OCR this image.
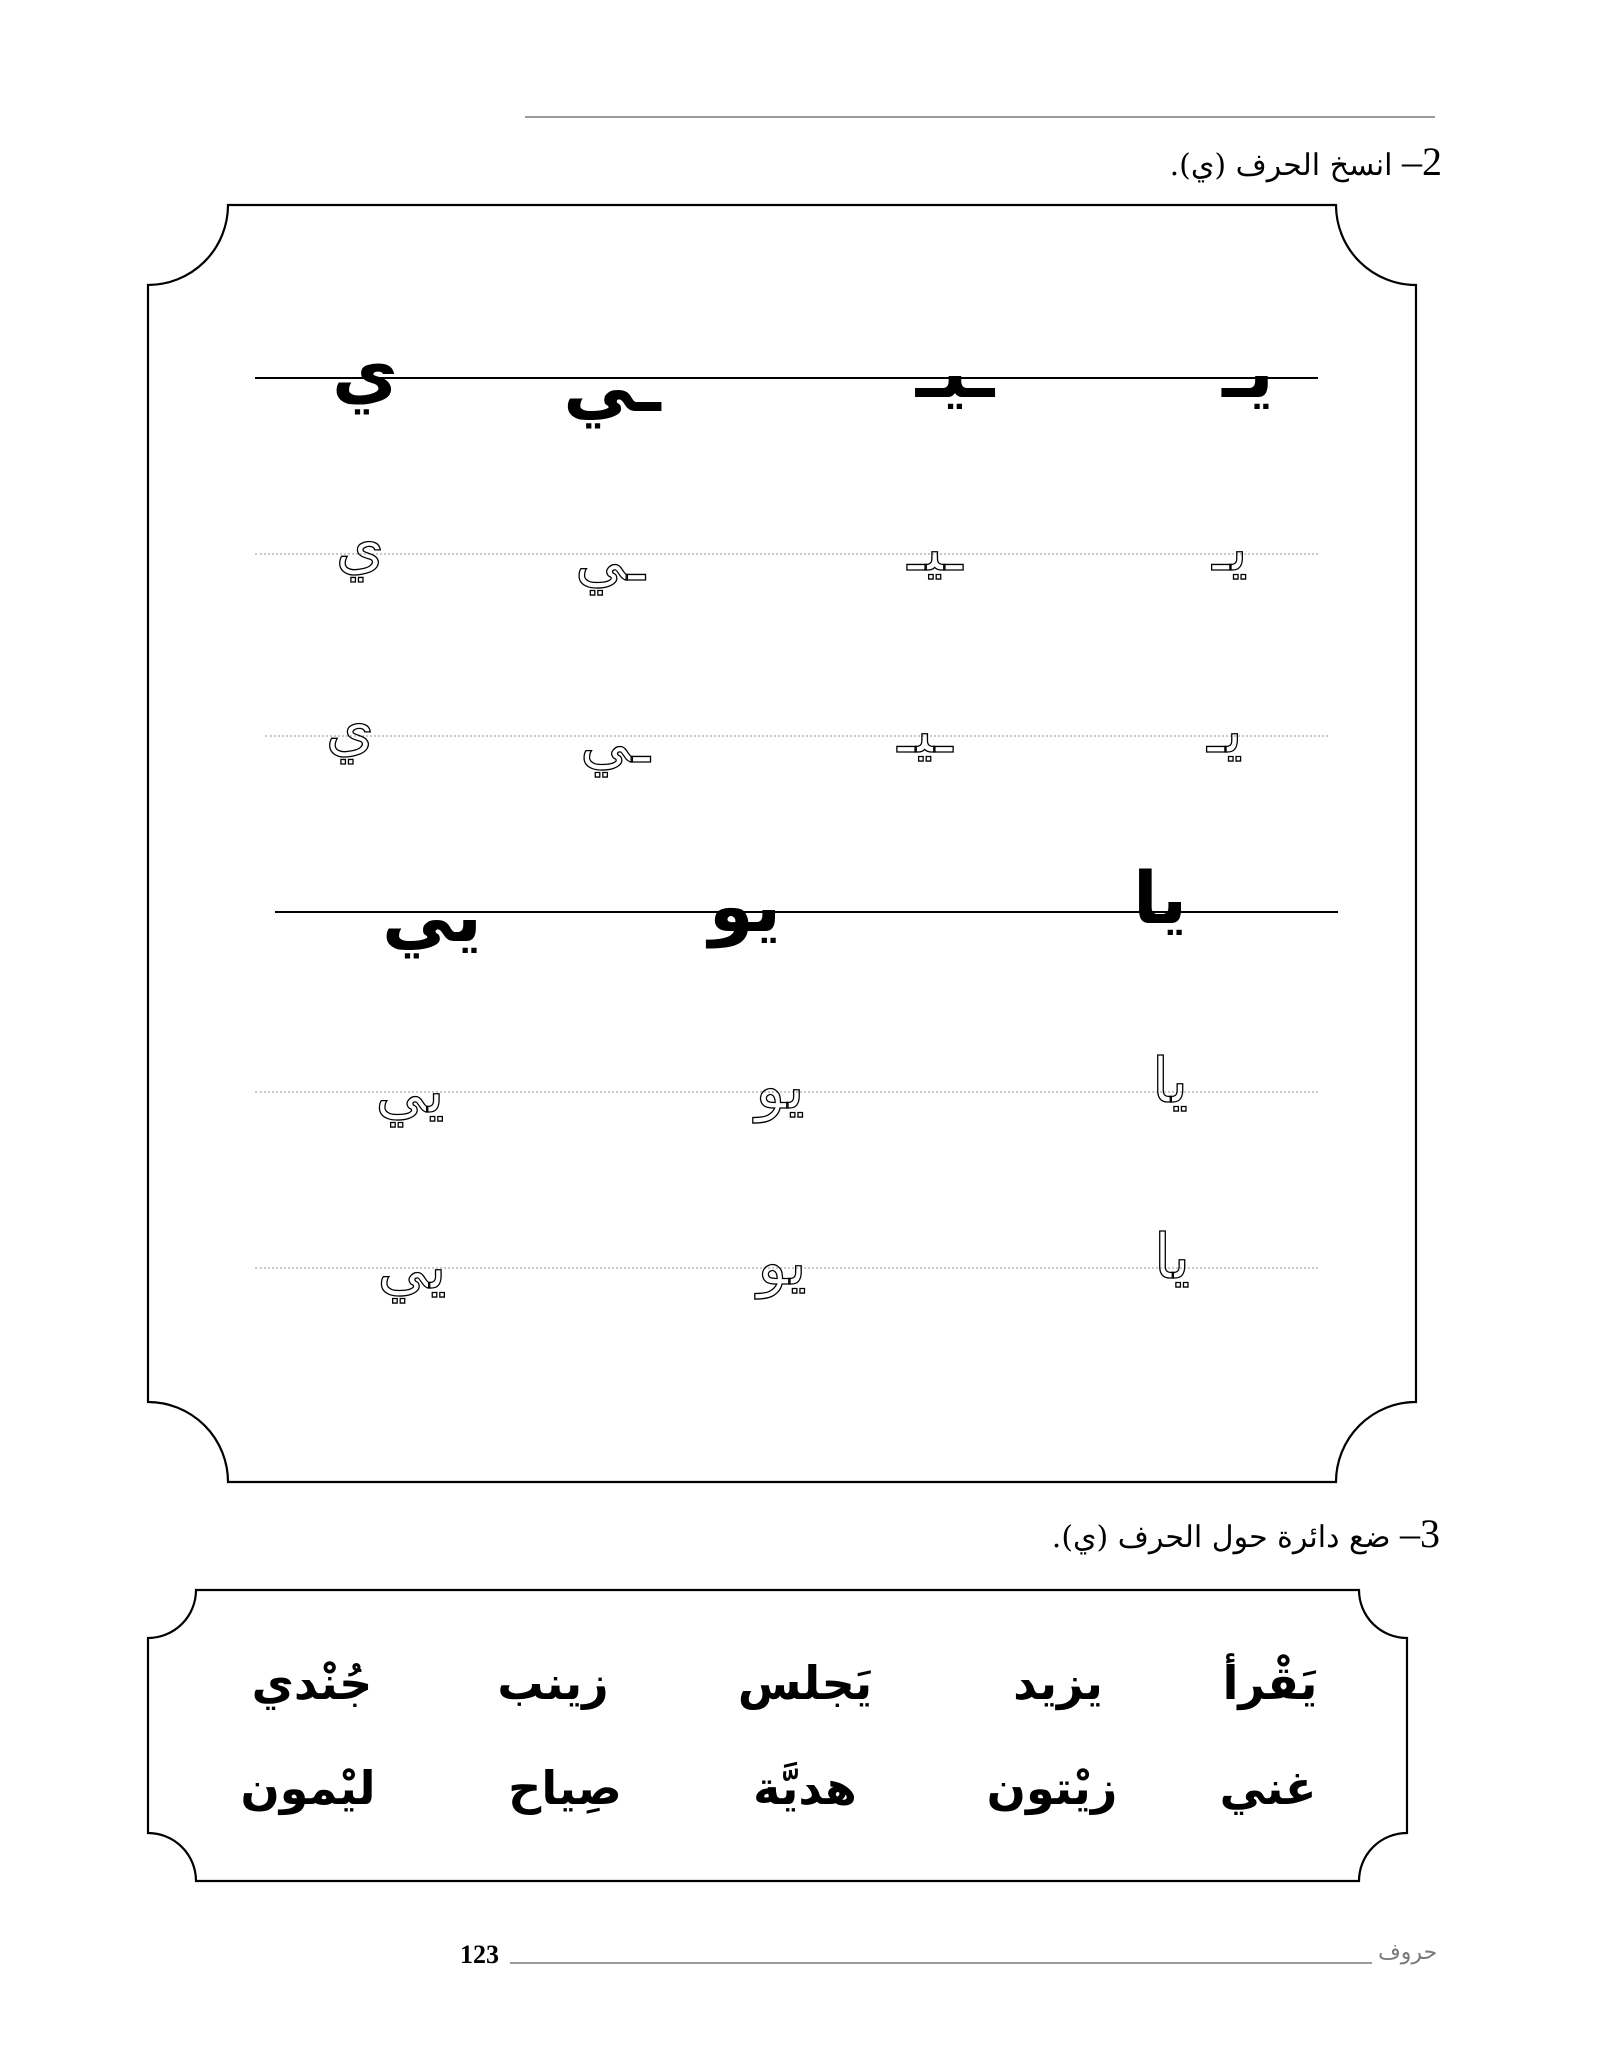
2– انسخ الحرف (ي).
يـ
ـيـ
ـي
ي
يـ
ـيـ
ـي
ي
يـ
ـيـ
ـي
ي
يا
يو
يي
يا
يو
يي
يا
يو
يي
3– ضع دائرة حول الحرف (ي).
يَقْرأ
يزيد
يَجلس
زينب
جُنْدي
غني
زيْتون
هديَّة
صِياح
ليْمون
123	حروف
